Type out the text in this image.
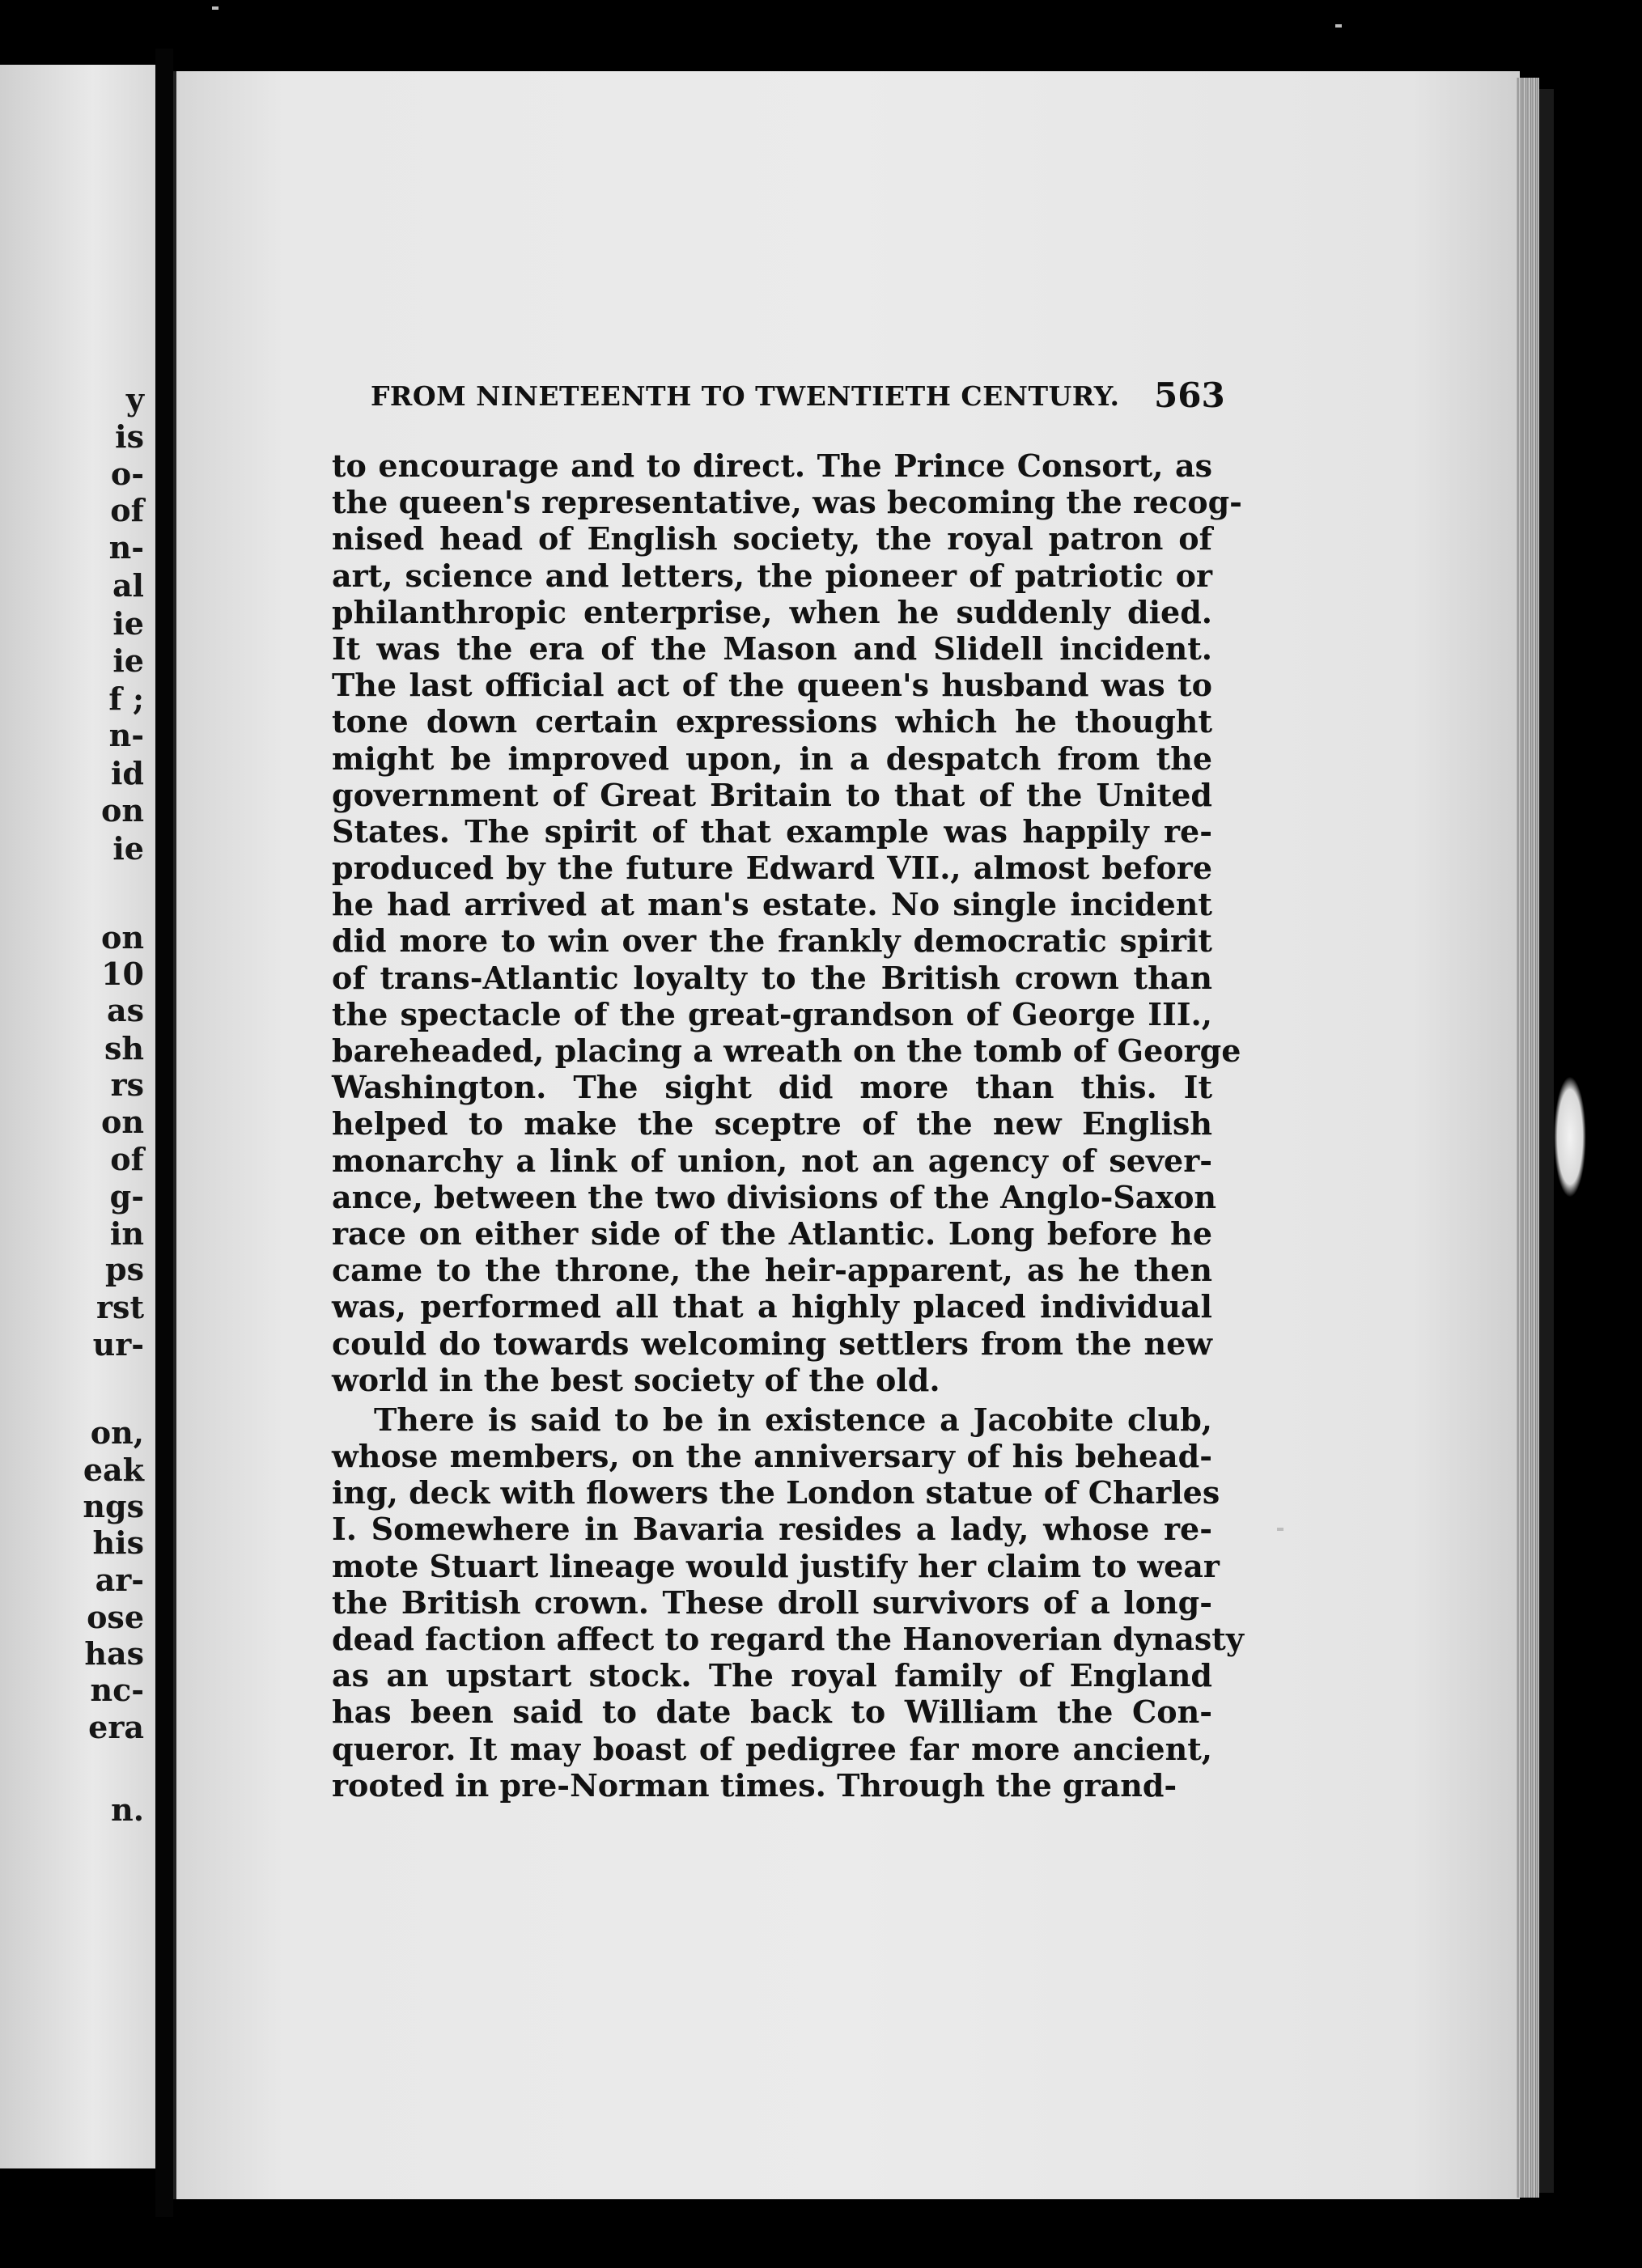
y
is
o-
of
n-
al
ie
ie
f ;
n-
id
on
ie
on
10
as
sh
rs
on
of
g-
in
ps
rst
ur-
on,
eak
ngs
his
ar-
ose
has
nc-
era
n.
FROM NINETEENTH TO TWENTIETH CENTURY.	563
to encourage and to direct. The Prince Consort, as
the queen's representative, was becoming the recog-
nised head of English society, the royal patron of
art, science and letters, the pioneer of patriotic or
philanthropic enterprise, when he suddenly died.
It was the era of the Mason and Slidell incident.
The last official act of the queen's husband was to
tone down certain expressions which he thought
might be improved upon, in a despatch from the
government of Great Britain to that of the United
States. The spirit of that example was happily re-
produced by the future Edward VII., almost before
he had arrived at man's estate. No single incident
did more to win over the frankly democratic spirit
of trans-Atlantic loyalty to the British crown than
the spectacle of the great-grandson of George III.,
bareheaded, placing a wreath on the tomb of George
Washington. The sight did more than this. It
helped to make the sceptre of the new English
monarchy a link of union, not an agency of sever-
ance, between the two divisions of the Anglo-Saxon
race on either side of the Atlantic. Long before he
came to the throne, the heir-apparent, as he then
was, performed all that a highly placed individual
could do towards welcoming settlers from the new
world in the best society of the old.
There is said to be in existence a Jacobite club,
whose members, on the anniversary of his behead-
ing, deck with flowers the London statue of Charles
I. Somewhere in Bavaria resides a lady, whose re-
mote Stuart lineage would justify her claim to wear
the British crown. These droll survivors of a long-
dead faction affect to regard the Hanoverian dynasty
as an upstart stock. The royal family of England
has been said to date back to William the Con-
queror. It may boast of pedigree far more ancient,
rooted in pre-Norman times. Through the grand-
